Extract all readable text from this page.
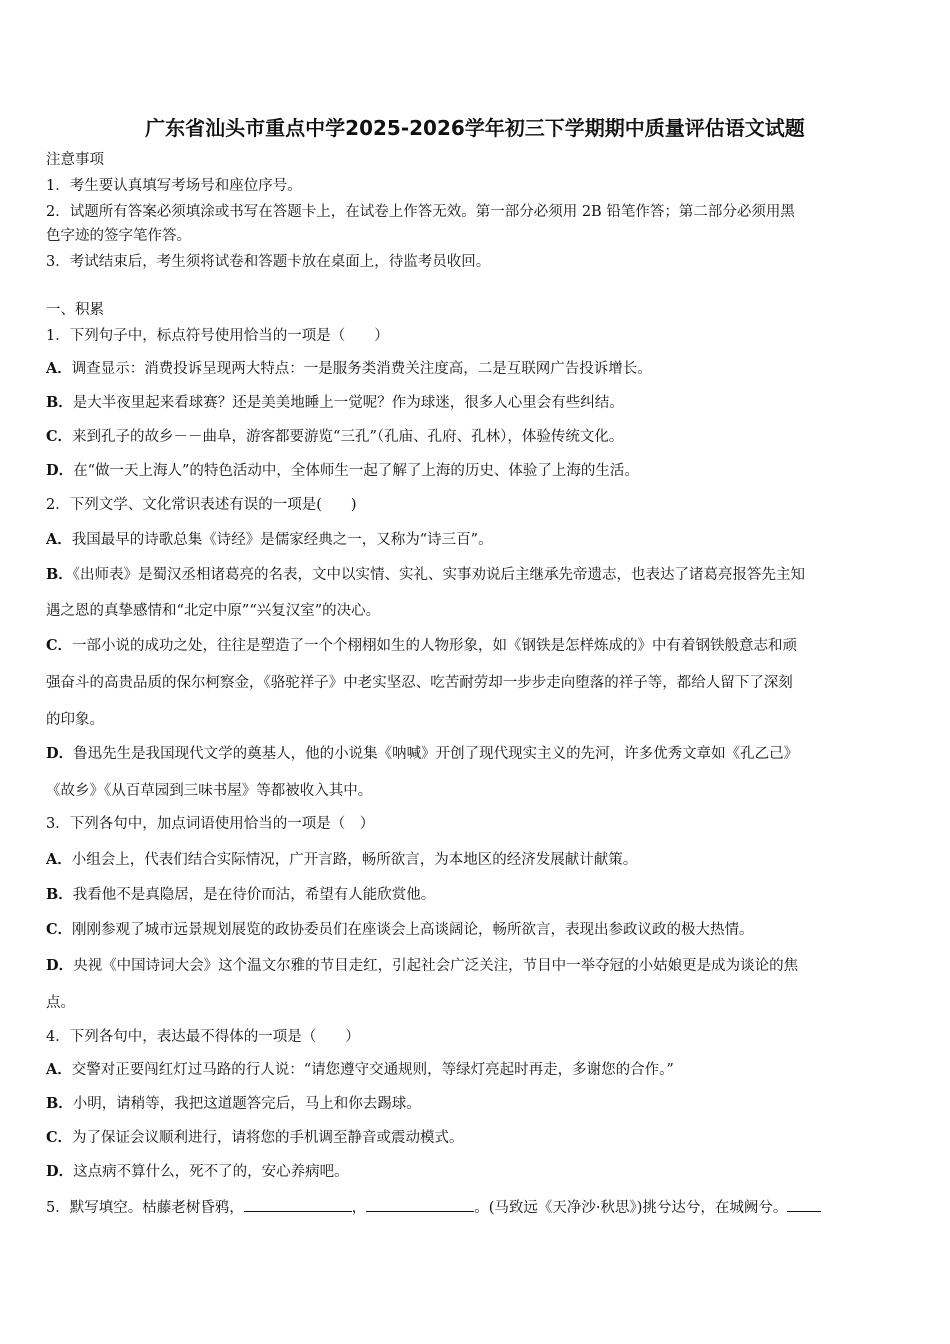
广东省汕头市重点中学2025-2026学年初三下学期期中质量评估语文试题
注意事项
1．考生要认真填写考场号和座位序号。
2．试题所有答案必须填涂或书写在答题卡上，在试卷上作答无效。第一部分必须用 2B 铅笔作答；第二部分必须用黑
色字迹的签字笔作答。
3．考试结束后，考生须将试卷和答题卡放在桌面上，待监考员收回。
一、积累
1．下列句子中，标点符号使用恰当的一项是（　　）
A．调查显示：消费投诉呈现两大特点：一是服务类消费关注度高，二是互联网广告投诉增长。
B．是大半夜里起来看球赛？还是美美地睡上一觉呢？作为球迷，很多人心里会有些纠结。
C．来到孔子的故乡－－曲阜，游客都要游览“三孔”（孔庙、孔府、孔林），体验传统文化。
D．在“做一天上海人”的特色活动中，全体师生一起了解了上海的历史、体验了上海的生活。
2．下列文学、文化常识表述有误的一项是(　　)
A．我国最早的诗歌总集《诗经》是儒家经典之一，又称为“诗三百”。
B．《出师表》是蜀汉丞相诸葛亮的名表，文中以实情、实礼、实事劝说后主继承先帝遗志，也表达了诸葛亮报答先主知
遇之恩的真挚感情和“北定中原”“兴复汉室”的决心。
C．一部小说的成功之处，往往是塑造了一个个栩栩如生的人物形象，如《钢铁是怎样炼成的》中有着钢铁般意志和顽
强奋斗的高贵品质的保尔柯察金，《骆驼祥子》中老实坚忍、吃苦耐劳却一步步走向堕落的祥子等，都给人留下了深刻
的印象。
D．鲁迅先生是我国现代文学的奠基人，他的小说集《呐喊》开创了现代现实主义的先河，许多优秀文章如《孔乙己》
《故乡》《从百草园到三味书屋》等都被收入其中。
3．下列各句中，加点词语使用恰当的一项是（　）
A．小组会上，代表们结合实际情况，广开言路，畅所欲言，为本地区的经济发展献计献策。
B．我看他不是真隐居，是在待价而沽，希望有人能欣赏他。
C．刚刚参观了城市远景规划展览的政协委员们在座谈会上高谈阔论，畅所欲言，表现出参政议政的极大热情。
D．央视《中国诗词大会》这个温文尔雅的节目走红，引起社会广泛关注，节目中一举夺冠的小姑娘更是成为谈论的焦
点。
4．下列各句中，表达最不得体的一项是（　　）
A．交警对正要闯红灯过马路的行人说：“请您遵守交通规则，等绿灯亮起时再走，多谢您的合作。”
B．小明，请稍等，我把这道题答完后，马上和你去踢球。
C．为了保证会议顺利进行，请将您的手机调至静音或震动模式。
D．这点病不算什么，死不了的，安心养病吧。
5．默写填空。枯藤老树昏鸦，	，	。(马致远《天净沙·秋思》)挑兮达兮，在城阙兮。
